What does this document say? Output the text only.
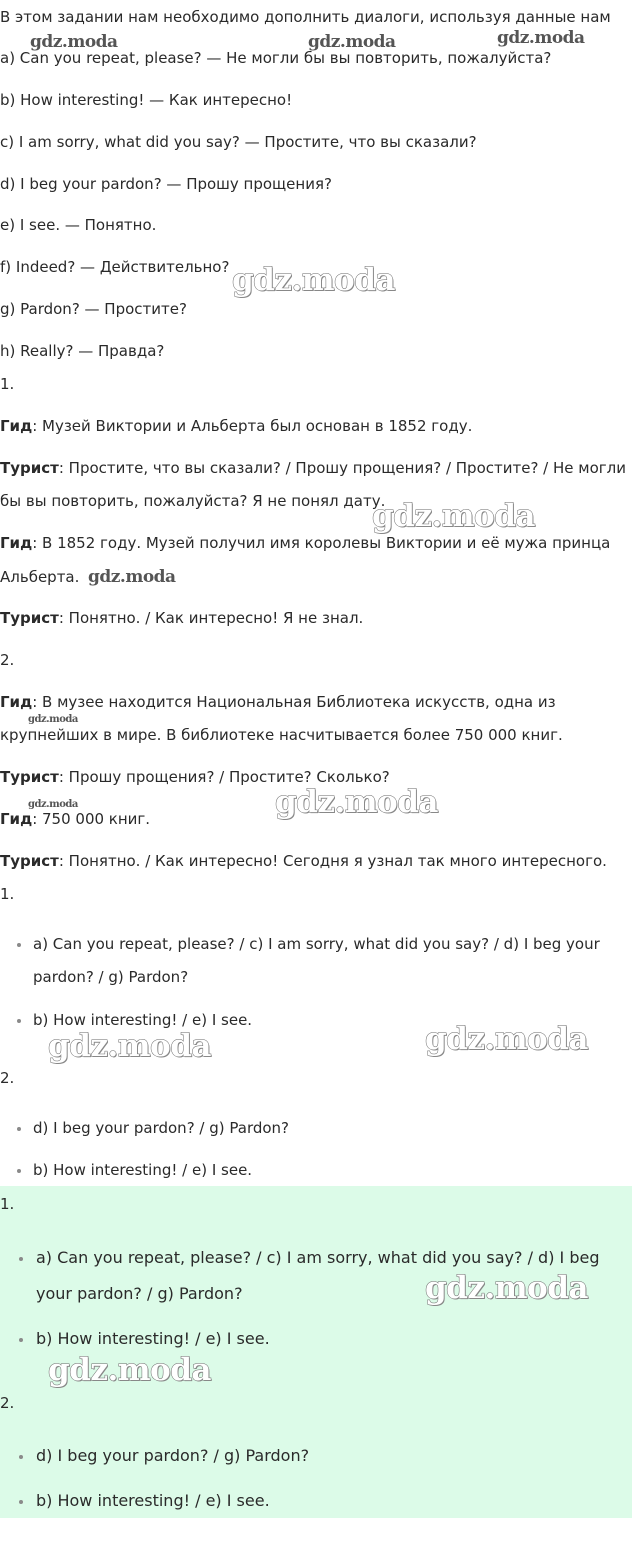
gdz.moda	gdz.moda	gdz.moda
gdz.moda
gdz.moda
gdz.moda
gdz.moda
gdz.moda
gdz.moda
gdz.moda	gdz.moda
В этом задании нам необходимо дополнить диалоги, используя данные нам
a) Can you repeat, please? — Не могли бы вы повторить, пожалуйста?
b) How interesting! — Как интересно!
c) I am sorry, what did you say? — Простите, что вы сказали?
d) I beg your pardon? — Прошу прощения?
e) I see. — Понятно.
f) Indeed? — Действительно?
g) Pardon? — Простите?
h) Really? — Правда?
1.
Гид: Музей Виктории и Альберта был основан в 1852 году.
Турист: Простите, что вы сказали? / Прошу прощения? / Простите? / Не могли
бы вы повторить, пожалуйста? Я не понял дату.
Гид: В 1852 году. Музей получил имя королевы Виктории и её мужа принца
Альберта.
Турист: Понятно. / Как интересно! Я не знал.
2.
Гид: В музее находится Национальная Библиотека искусств, одна из
крупнейших в мире. В библиотеке насчитывается более 750 000 книг.
Турист: Прошу прощения? / Простите? Сколько?
Гид: 750 000 книг.
Турист: Понятно. / Как интересно! Сегодня я узнал так много интересного.
1.
a) Can you repeat, please? / c) I am sorry, what did you say? / d) I beg your
pardon? / g) Pardon?
b) How interesting! / e) I see.
2.
d) I beg your pardon? / g) Pardon?
b) How interesting! / e) I see.
1.
a) Can you repeat, please? / c) I am sorry, what did you say? / d) I beg
your pardon? / g) Pardon?
b) How interesting! / e) I see.
2.
d) I beg your pardon? / g) Pardon?
b) How interesting! / e) I see.
gdz.moda
gdz.moda
